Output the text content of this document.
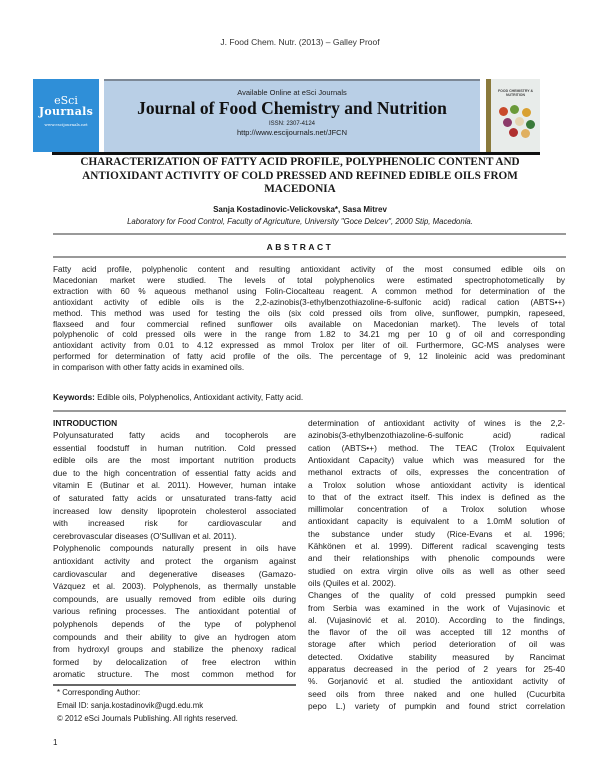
J. Food Chem. Nutr. (2013) – Galley Proof
eSci
Journals
www.escijournals.net
Available Online at eSci Journals
Journal of Food Chemistry and Nutrition
ISSN: 2307-4124
http://www.escijournals.net/JFCN
FOOD CHEMISTRY & NUTRITION
CHARACTERIZATION OF FATTY ACID PROFILE, POLYPHENOLIC CONTENT AND
ANTIOXIDANT ACTIVITY OF COLD PRESSED AND REFINED EDIBLE OILS FROM
MACEDONIA
Sanja Kostadinovic-Velickovska*, Sasa Mitrev
Laboratory for Food Control, Faculty of Agriculture, University "Goce Delcev", 2000 Stip, Macedonia.
ABSTRACT
Fatty acid profile, polyphenolic content and resulting antioxidant activity of the most consumed edible oils on
Macedonian market were studied. The levels of total polyphenolics were estimated spectrophotometically by
extraction with 60 % aqueous methanol using Folin-Ciocalteau reagent. A common method for determination of the
antioxidant activity of edible oils is the 2,2-azinobis(3-ethylbenzothiazoline-6-sulfonic acid) radical cation (ABTS•+)
method. This method was used for testing the oils (six cold pressed oils from olive, sunflower, pumpkin, rapeseed,
flaxseed and four commercial refined sunflower oils available on Macedonian market). The levels of total
polyphenolic of cold pressed oils were in the range from 1.82 to 34.21 mg per 10 g of oil and corresponding
antioxidant activity from 0.01 to 4.12 expressed as mmol Trolox per liter of oil. Furthermore, GC-MS analyses were
performed for determination of fatty acid profile of the oils. The percentage of 9, 12 linoleinic acid was predominant
in comparison with other fatty acids in examined oils.
Keywords: Edible oils, Polyphenolics, Antioxidant activity, Fatty acid.
INTRODUCTION
Polyunsaturated fatty acids and tocopherols are
essential foodstuff in human nutrition. Cold pressed
edible oils are the most important nutrition products
due to the high concentration of essential fatty acids and
vitamin E (Butinar et al. 2011). However, human intake
of saturated fatty acids or unsaturated trans-fatty acid
increased low density lipoprotein cholesterol associated
with increased risk for cardiovascular and
cerebrovascular diseases (O'Sullivan et al. 2011).
Polyphenolic compounds naturally present in oils have
antioxidant activity and protect the organism against
cardiovascular and degenerative diseases (Gamazo-
Vázquez et al. 2003). Polyphenols, as thermally unstable
compounds, are usually removed from edible oils during
various refining processes. The antioxidant potential of
polyphenols depends of the type of polyphenol
compounds and their ability to give an hydrogen atom
from hydroxyl groups and stabilize the phenoxy radical
formed by delocalization of free electron within
aromatic structure. The most common method for
determination of antioxidant activity of wines is the 2,2-
azinobis(3-ethylbenzothiazoline-6-sulfonic acid) radical
cation (ABTS•+) method. The TEAC (Trolox Equivalent
Antioxidant Capacity) value which was measured for the
methanol extracts of oils, expresses the concentration of
a Trolox solution whose antioxidant activity is identical
to that of the extract itself. This index is defined as the
millimolar concentration of a Trolox solution whose
antioxidant capacity is equivalent to a 1.0mM solution of
the substance under study (Rice-Evans et al. 1996;
Kähkönen et al. 1999). Different radical scavenging tests
and their relationships with phenolic compounds were
studied on extra virgin olive oils as well as other seed
oils (Quiles et al. 2002).
Changes of the quality of cold pressed pumpkin seed
from Serbia was examined in the work of Vujasinovic et
al. (Vujasinović et al. 2010). According to the findings,
the flavor of the oil was accepted till 12 months of
storage after which period deterioration of oil was
detected. Oxidative stability measured by Rancimat
apparatus decreased in the period of 2 years for 25-40
%. Gorjanović et al. studied the antioxidant activity of
seed oils from three naked and one hulled (Cucurbita
pepo L.) variety of pumpkin and found strict correlation
* Corresponding Author:
Email ID: sanja.kostadinovik@ugd.edu.mk
© 2012 eSci Journals Publishing. All rights reserved.
1
